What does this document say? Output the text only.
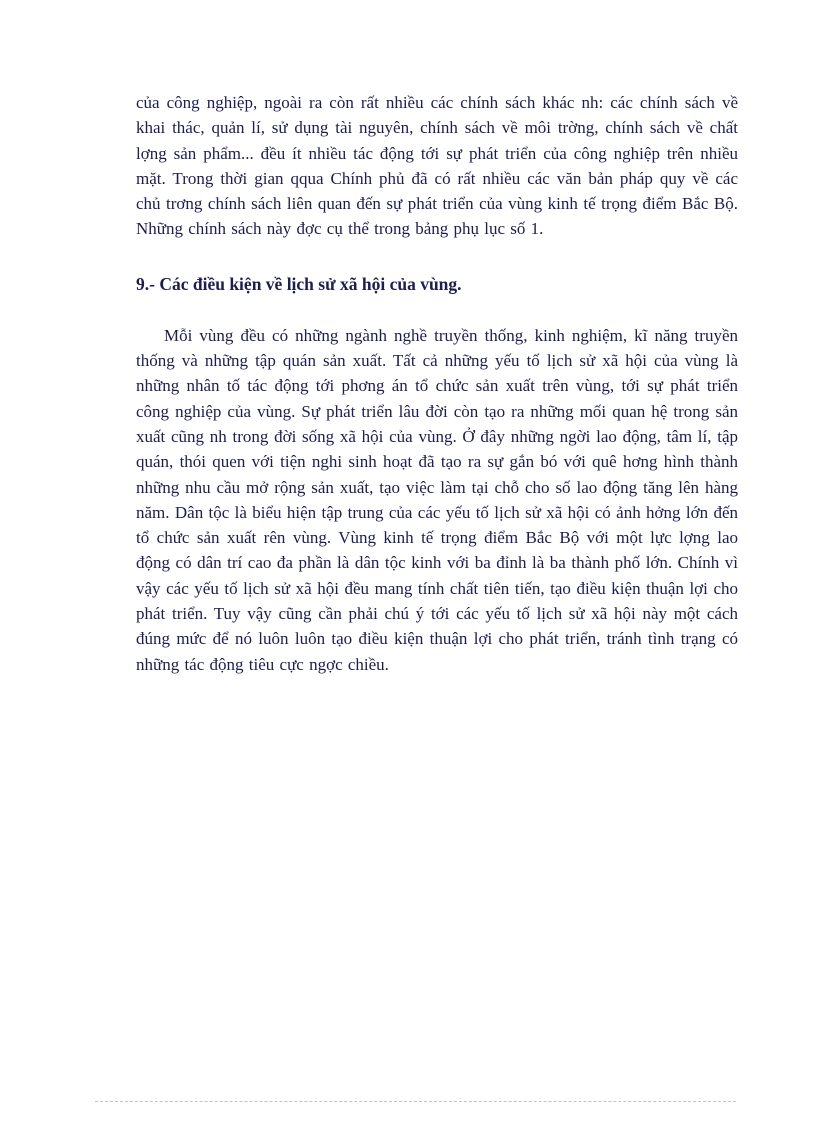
của công nghiệp, ngoài ra còn rất nhiều các chính sách khác nh: các chính sách về khai thác, quản lí, sử dụng tài nguyên, chính sách về môi trờng, chính sách về chất lợng sản phẩm... đều ít nhiều tác động tới sự phát triển của công nghiệp trên nhiều mặt. Trong thời gian qqua Chính phủ đã có rất nhiều các văn bản pháp quy về các chủ trơng chính sách liên quan đến sự phát triển của vùng kinh tế trọng điểm Bắc Bộ. Những chính sách này đợc cụ thể trong bảng phụ lục số 1.

9.- Các điều kiện về lịch sử xã hội của vùng.

Mỗi vùng đều có những ngành nghề truyền thống, kinh nghiệm, kĩ năng truyền thống và những tập quán sản xuất. Tất cả những yếu tố lịch sử xã hội của vùng là những nhân tố tác động tới phơng án tổ chức sản xuất trên vùng, tới sự phát triển công nghiệp của vùng. Sự phát triển lâu đời còn tạo ra những mối quan hệ trong sản xuất cũng nh trong đời sống xã hội của vùng. Ở đây những ngời lao động, tâm lí, tập quán, thói quen với tiện nghi sinh hoạt đã tạo ra sự gắn bó với quê hơng hình thành những nhu cầu mở rộng sản xuất, tạo việc làm tại chỗ cho số lao động tăng lên hàng năm. Dân tộc là biểu hiện tập trung của các yếu tố lịch sử xã hội có ảnh hởng lớn đến tổ chức sản xuất rên vùng. Vùng kinh tế trọng điểm Bắc Bộ với một lực lợng lao động có dân trí cao đa phần là dân tộc kinh với ba đỉnh là ba thành phố lớn. Chính vì vậy các yếu tố lịch sử xã hội đều mang tính chất tiên tiến, tạo điều kiện thuận lợi cho phát triển. Tuy vậy cũng cần phải chú ý tới các yếu tố lịch sử xã hội này một cách đúng mức để nó luôn luôn tạo điều kiện thuận lợi cho phát triển, tránh tình trạng có những tác động tiêu cực ngợc chiều.
